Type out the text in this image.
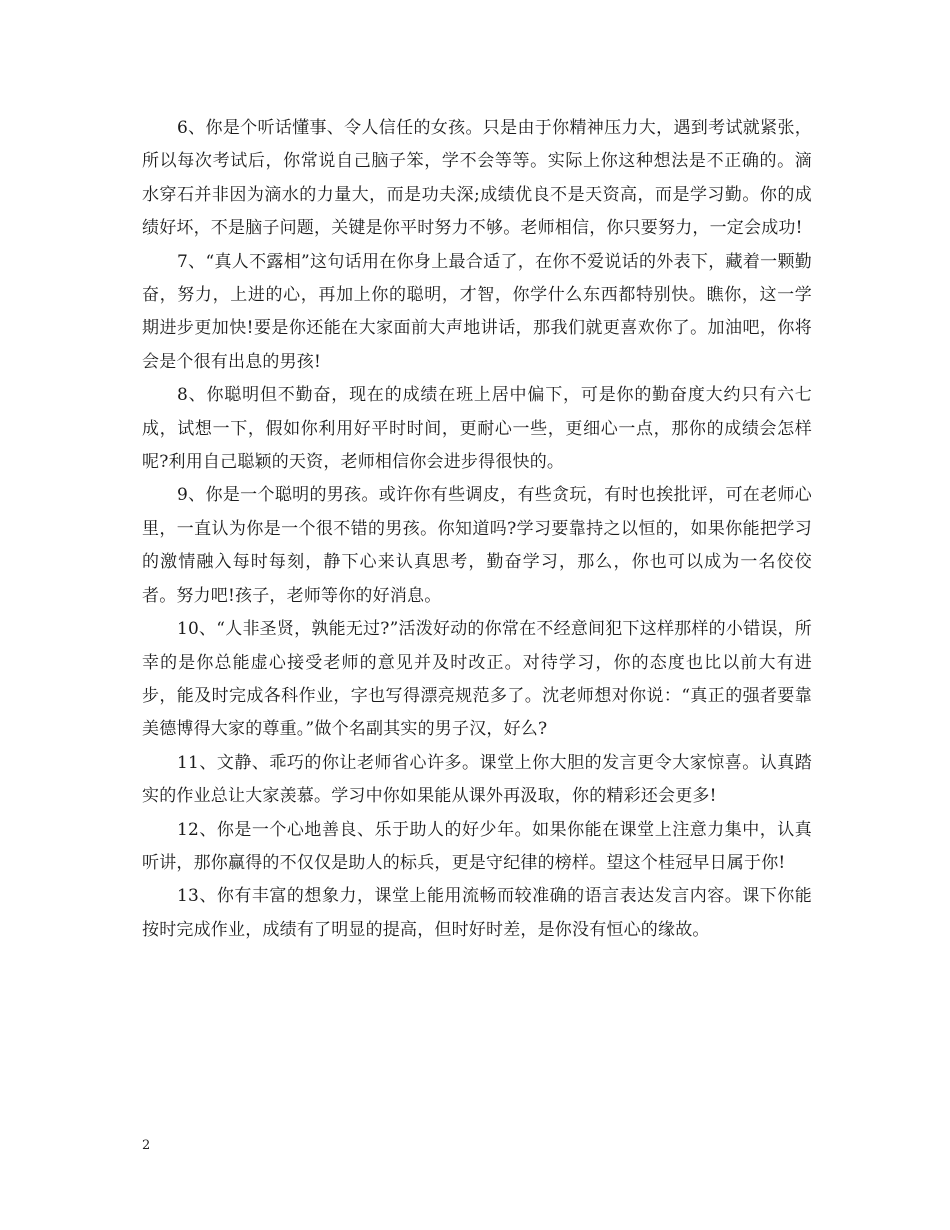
6、你是个听话懂事、令人信任的女孩。只是由于你精神压力大，遇到考试就紧张，所以每次考试后，你常说自己脑子笨，学不会等等。实际上你这种想法是不正确的。滴水穿石并非因为滴水的力量大，而是功夫深;成绩优良不是天资高，而是学习勤。你的成绩好坏，不是脑子问题，关键是你平时努力不够。老师相信，你只要努力，一定会成功!

7、“真人不露相”这句话用在你身上最合适了，在你不爱说话的外表下，藏着一颗勤奋，努力，上进的心，再加上你的聪明，才智，你学什么东西都特别快。瞧你，这一学期进步更加快!要是你还能在大家面前大声地讲话，那我们就更喜欢你了。加油吧，你将会是个很有出息的男孩!

8、你聪明但不勤奋，现在的成绩在班上居中偏下，可是你的勤奋度大约只有六七成，试想一下，假如你利用好平时时间，更耐心一些，更细心一点，那你的成绩会怎样呢?利用自己聪颖的天资，老师相信你会进步得很快的。

9、你是一个聪明的男孩。或许你有些调皮，有些贪玩，有时也挨批评，可在老师心里，一直认为你是一个很不错的男孩。你知道吗?学习要靠持之以恒的，如果你能把学习的激情融入每时每刻，静下心来认真思考，勤奋学习，那么，你也可以成为一名佼佼者。努力吧!孩子，老师等你的好消息。

10、“人非圣贤，孰能无过?”活泼好动的你常在不经意间犯下这样那样的小错误，所幸的是你总能虚心接受老师的意见并及时改正。对待学习，你的态度也比以前大有进步，能及时完成各科作业，字也写得漂亮规范多了。沈老师想对你说：“真正的强者要靠美德博得大家的尊重。”做个名副其实的男子汉，好么?

11、文静、乖巧的你让老师省心许多。课堂上你大胆的发言更令大家惊喜。认真踏实的作业总让大家羡慕。学习中你如果能从课外再汲取，你的精彩还会更多!

12、你是一个心地善良、乐于助人的好少年。如果你能在课堂上注意力集中，认真听讲，那你赢得的不仅仅是助人的标兵，更是守纪律的榜样。望这个桂冠早日属于你!

13、你有丰富的想象力，课堂上能用流畅而较准确的语言表达发言内容。课下你能按时完成作业，成绩有了明显的提高，但时好时差，是你没有恒心的缘故。

2
